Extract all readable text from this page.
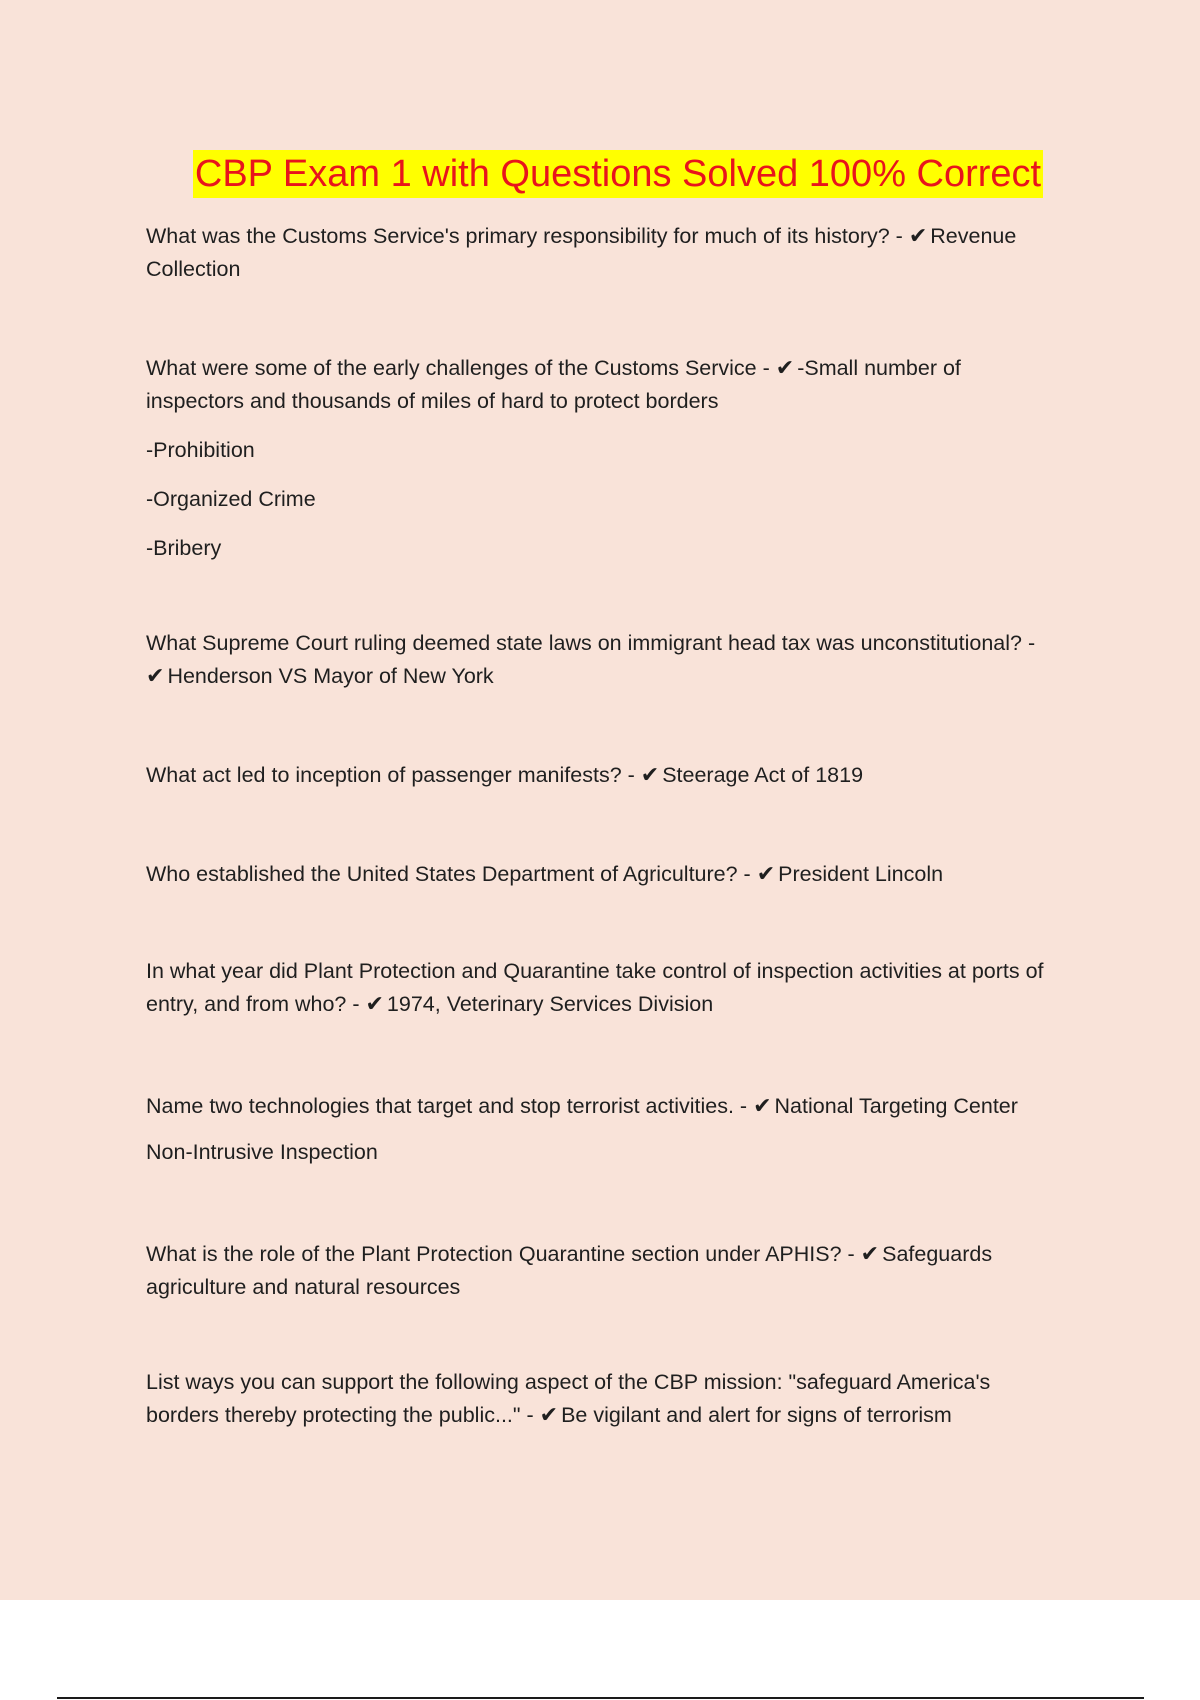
CBP Exam 1 with Questions Solved 100% Correct

What was the Customs Service's primary responsibility for much of its history? - ✔ Revenue

Collection

What were some of the early challenges of the Customs Service - ✔ -Small number of

inspectors and thousands of miles of hard to protect borders

-Prohibition

-Organized Crime

-Bribery

What Supreme Court ruling deemed state laws on immigrant head tax was unconstitutional? -

✔ Henderson VS Mayor of New York

What act led to inception of passenger manifests? - ✔ Steerage Act of 1819

Who established the United States Department of Agriculture? - ✔ President Lincoln

In what year did Plant Protection and Quarantine take control of inspection activities at ports of

entry, and from who? - ✔ 1974, Veterinary Services Division

Name two technologies that target and stop terrorist activities. - ✔ National Targeting Center

Non-Intrusive Inspection

What is the role of the Plant Protection Quarantine section under APHIS? - ✔ Safeguards

agriculture and natural resources

List ways you can support the following aspect of the CBP mission: "safeguard America's

borders thereby protecting the public..." - ✔ Be vigilant and alert for signs of terrorism
